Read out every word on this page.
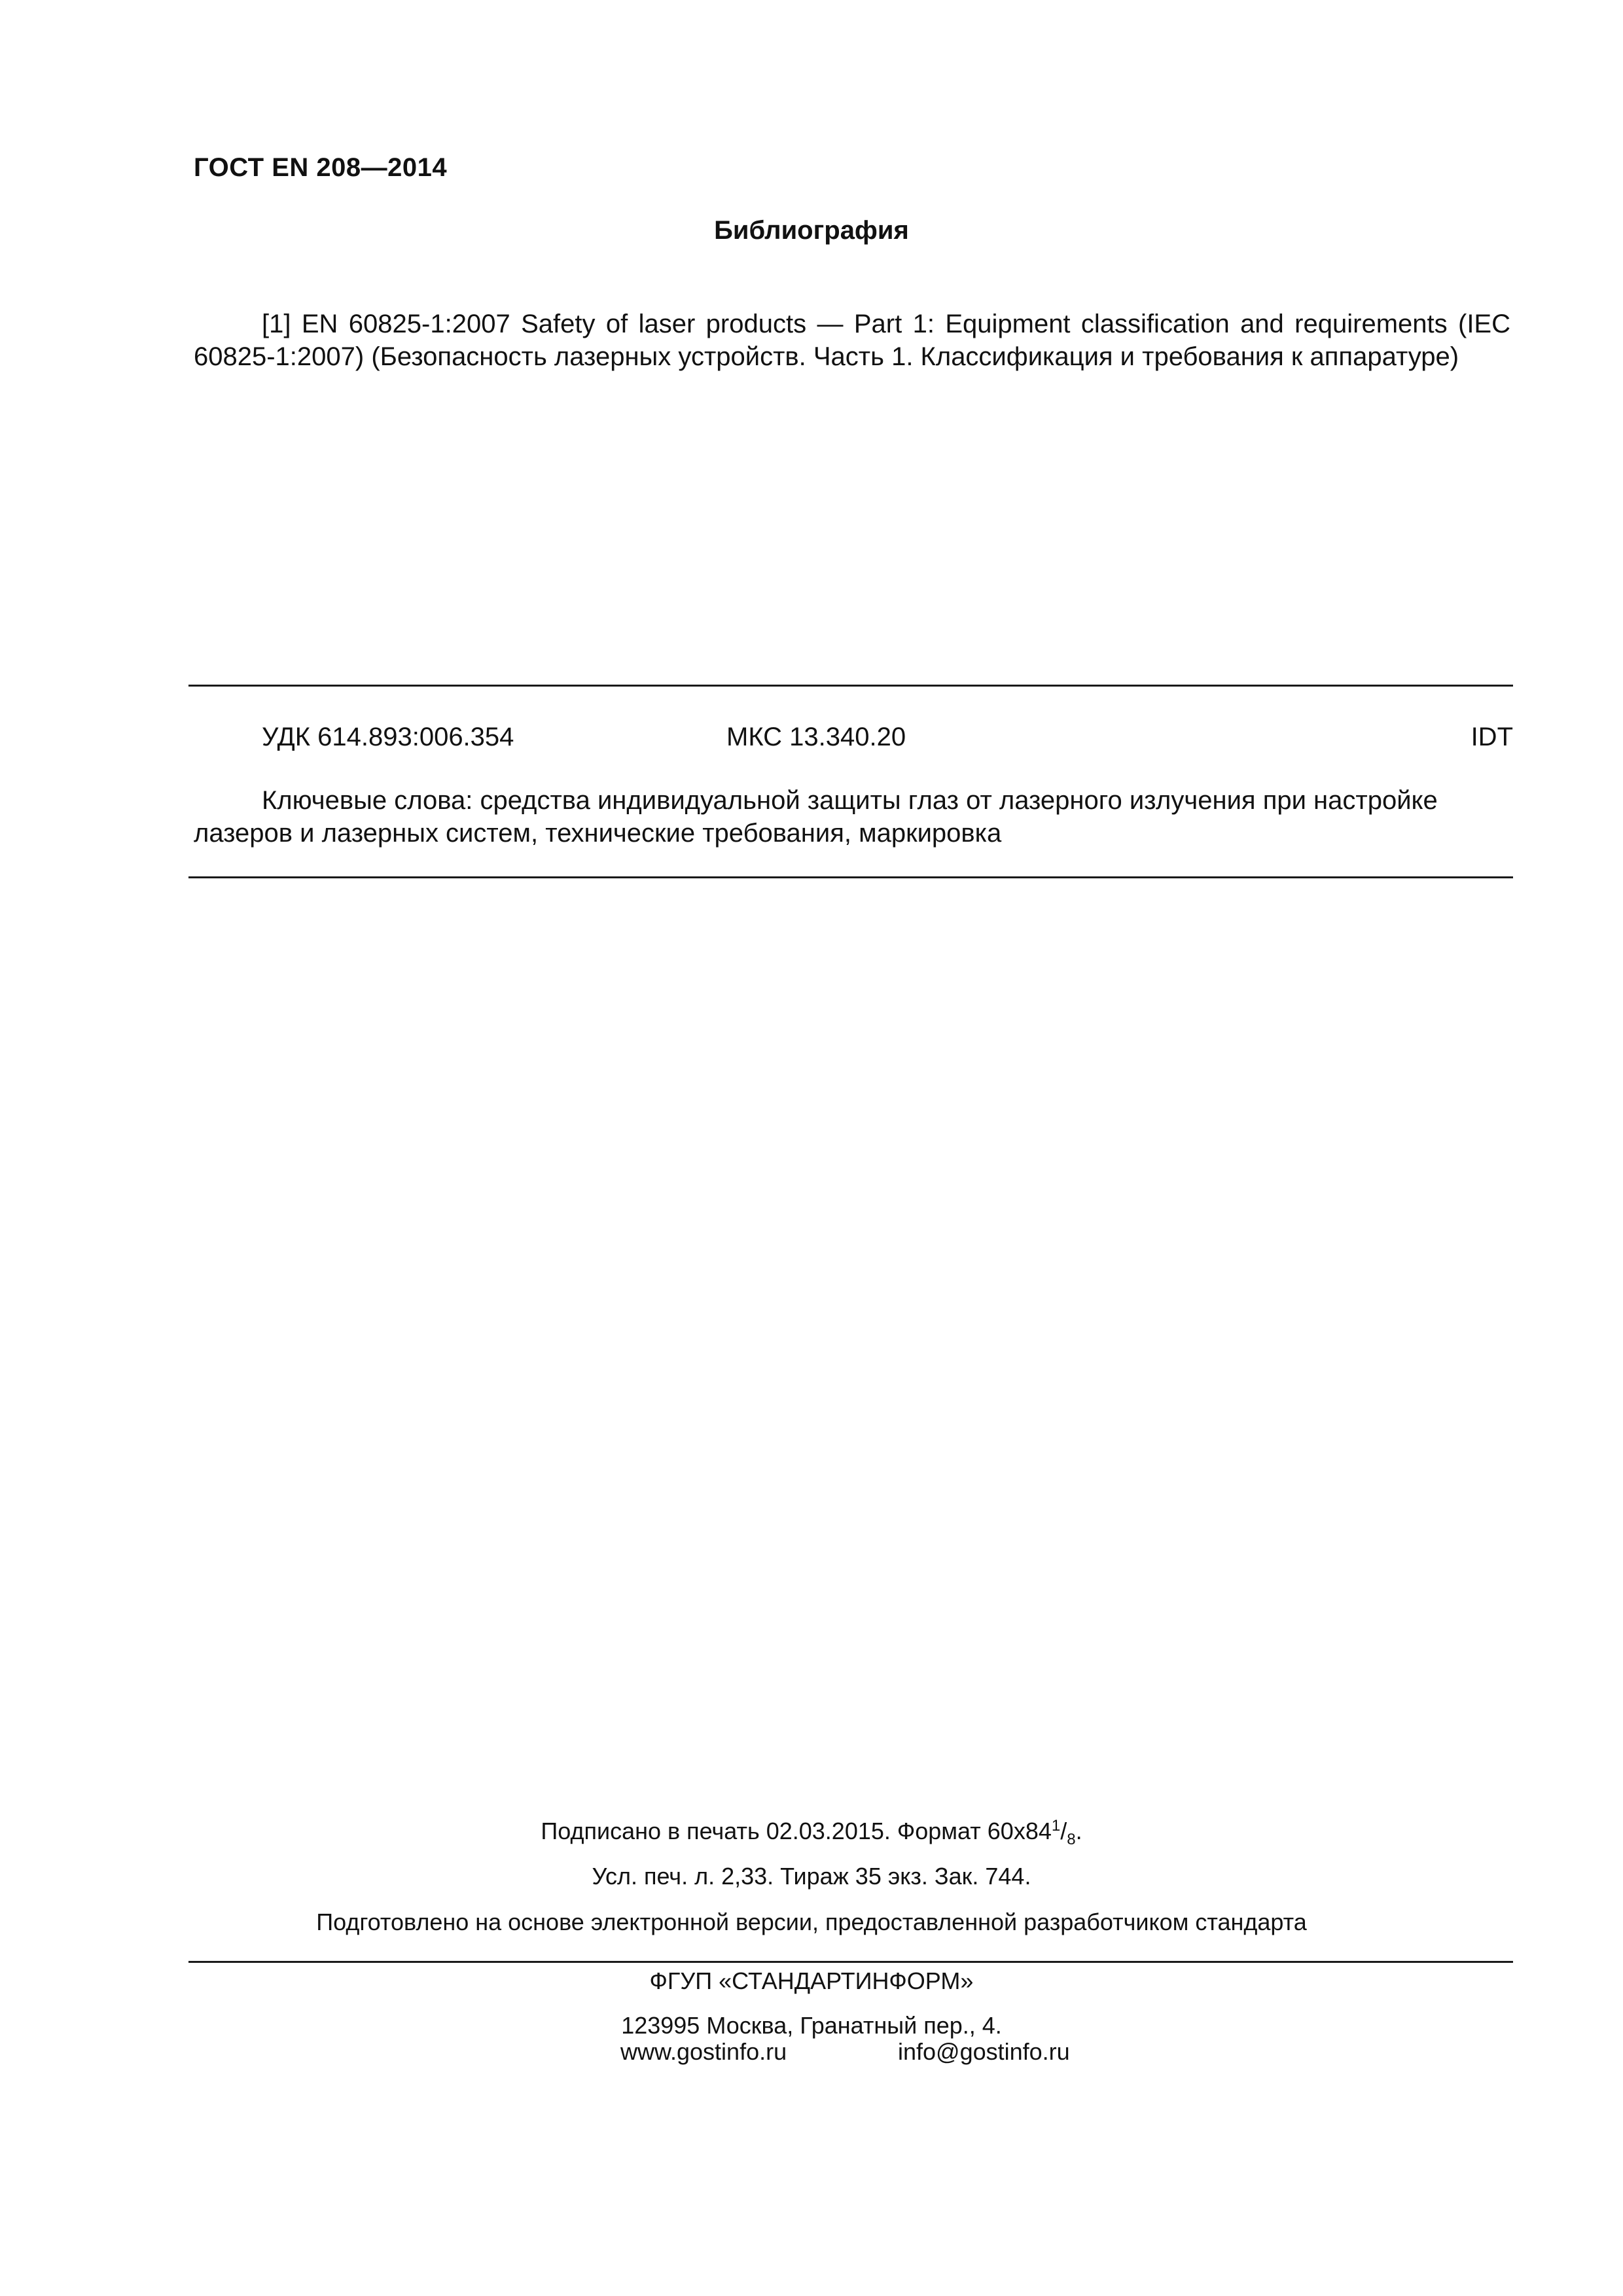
ГОСТ EN 208—2014
Библиография
[1] EN 60825-1:2007 Safety of laser products — Part 1: Equipment classification and requirements (IEC 60825-1:2007) (Безопасность лазерных устройств. Часть 1. Классификация и требования к аппаратуре)
УДК 614.893:006.354	МКС 13.340.20	IDT
Ключевые слова: средства индивидуальной защиты глаз от лазерного излучения при настройке лазеров и лазерных систем, технические требования, маркировка
Подписано в печать 02.03.2015. Формат $60х84^1/_8$.
Усл. печ. л. 2,33. Тираж 35 экз. Зак. 744.
Подготовлено на основе электронной версии, предоставленной разработчиком стандарта
ФГУП «СТАНДАРТИНФОРМ»
123995 Москва, Гранатный пер., 4.
www.gostinfo.ru	info@gostinfo.ru
